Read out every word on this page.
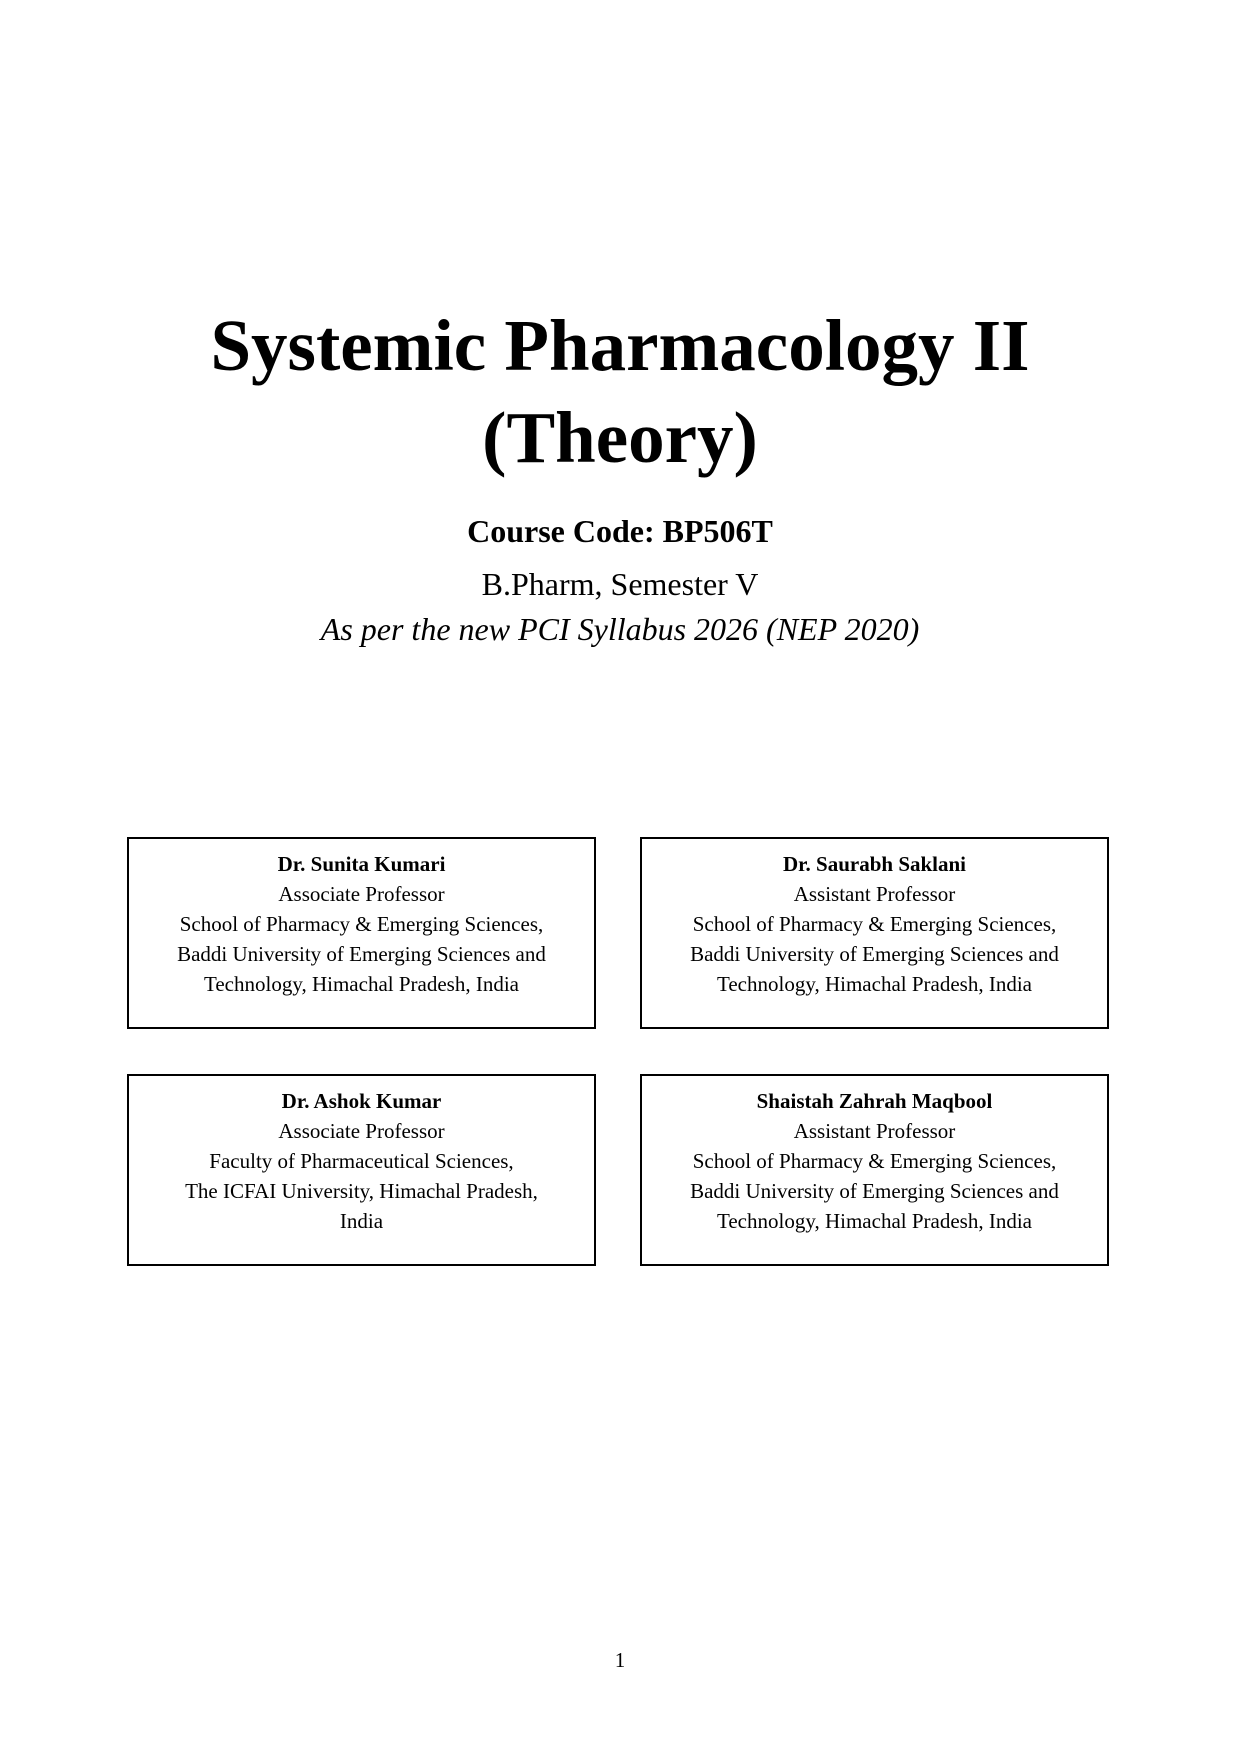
Systemic Pharmacology II
(Theory)
Course Code: BP506T
B.Pharm, Semester V
As per the new PCI Syllabus 2026 (NEP 2020)
Dr. Sunita Kumari
Associate Professor
School of Pharmacy & Emerging Sciences,
Baddi University of Emerging Sciences and
Technology, Himachal Pradesh, India
Dr. Saurabh Saklani
Assistant Professor
School of Pharmacy & Emerging Sciences,
Baddi University of Emerging Sciences and
Technology, Himachal Pradesh, India
Dr. Ashok Kumar
Associate Professor
Faculty of Pharmaceutical Sciences,
The ICFAI University, Himachal Pradesh,
India
Shaistah Zahrah Maqbool
Assistant Professor
School of Pharmacy & Emerging Sciences,
Baddi University of Emerging Sciences and
Technology, Himachal Pradesh, India
1
